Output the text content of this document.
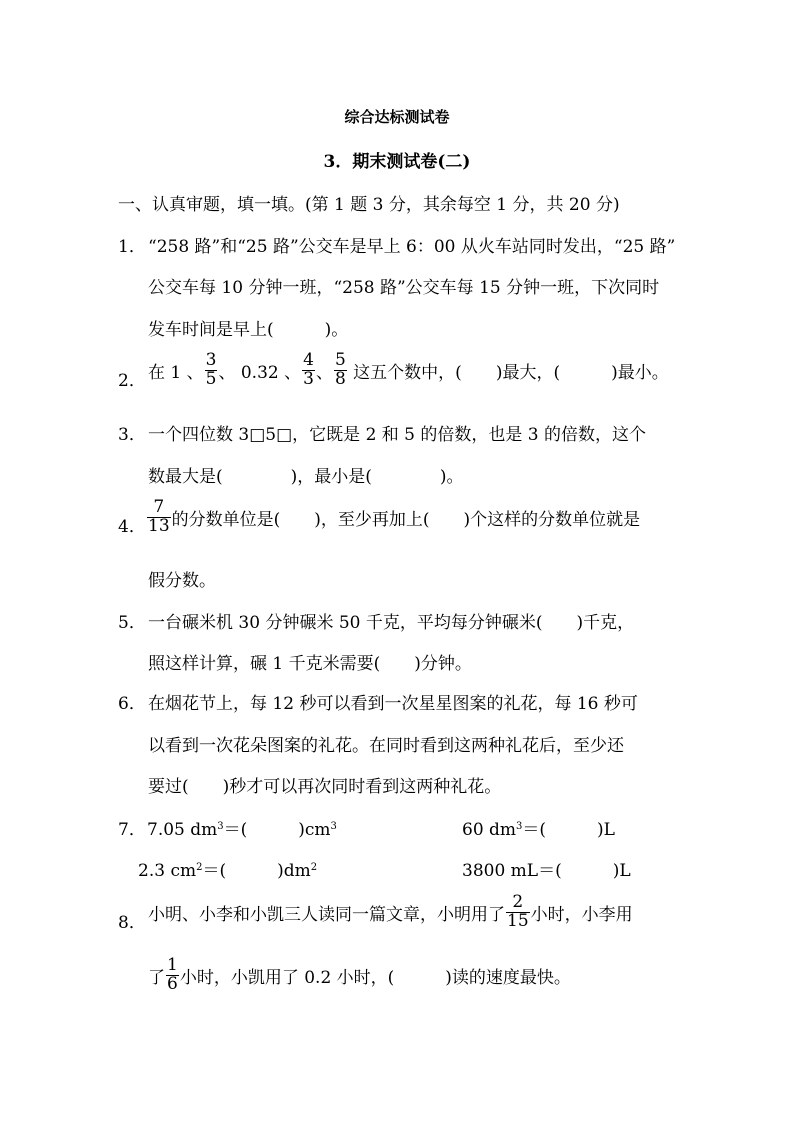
综合达标测试卷
3．期末测试卷(二)
一、认真审题，填一填。(第 1 题 3 分，其余每空 1 分，共 20 分)
1． “258 路”和“25 路”公交车是早上 6：00 从火车站同时发出，“25 路”
公交车每 10 分钟一班，“258 路”公交车每 15 分钟一班，下次同时
发车时间是早上(　　　)。
2． 在 1 、 $\frac{3}{5}$ 、 0.32 、 $\frac{4}{3}$ 、 $\frac{5}{8}$ 这五个数中，(　　)最大，(　　　)最小。
3． 一个四位数 3□5□，它既是 2 和 5 的倍数，也是 3 的倍数，这个
数最大是(　　　　)，最小是(　　　　)。
4． $\frac{7}{13}$ 的分数单位是(　　)，至少再加上(　　)个这样的分数单位就是
假分数。
5． 一台碾米机 30 分钟碾米 50 千克，平均每分钟碾米(　　)千克，
照这样计算，碾 1 千克米需要(　　)分钟。
6． 在烟花节上，每 12 秒可以看到一次星星图案的礼花，每 16 秒可
以看到一次花朵图案的礼花。在同时看到这两种礼花后，至少还
要过(　　)秒才可以再次同时看到这两种礼花。
7． 7.05 $dm^3=$(　　　)$cm^3$	60 $dm^3=$(　　　)L
2.3 $cm^2=$(　　　)$dm^2$	3800 mL＝(　　　)L
8． 小明、小李和小凯三人读同一篇文章，小明用了 $\frac{2}{15}$ 小时，小李用
了 $\frac{1}{6}$ 小时，小凯用了 0.2 小时，(　　　)读的速度最快。
